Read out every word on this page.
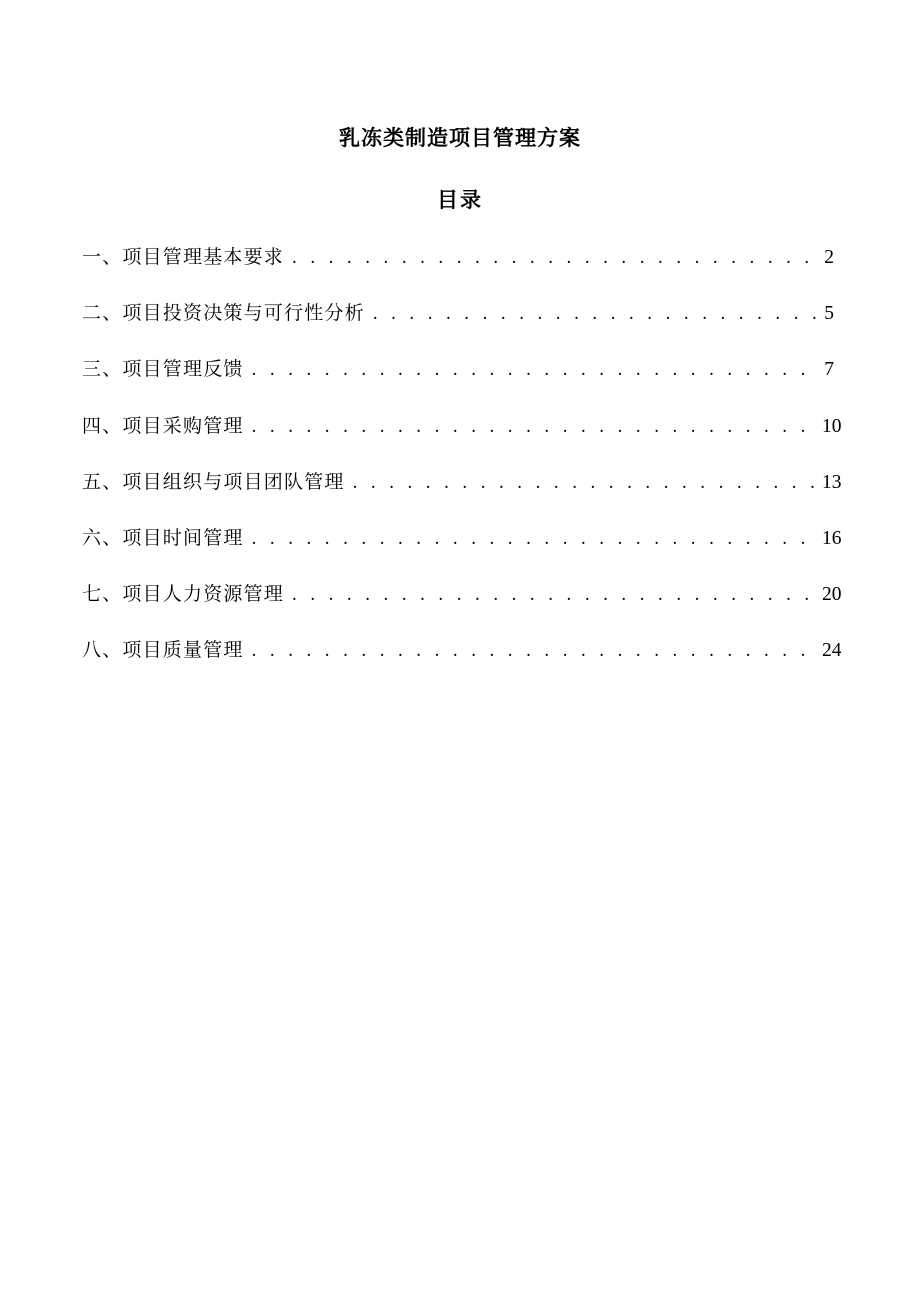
乳冻类制造项目管理方案
目录
一、项目管理基本要求 . . .	2
二、项目投资决策与可行性分析 . . .	5
三、项目管理反馈 . . .	7
四、项目采购管理 . . .	10
五、项目组织与项目团队管理 . . .	13
六、项目时间管理 . . .	16
七、项目人力资源管理 . . .	20
八、项目质量管理 . . .	24
